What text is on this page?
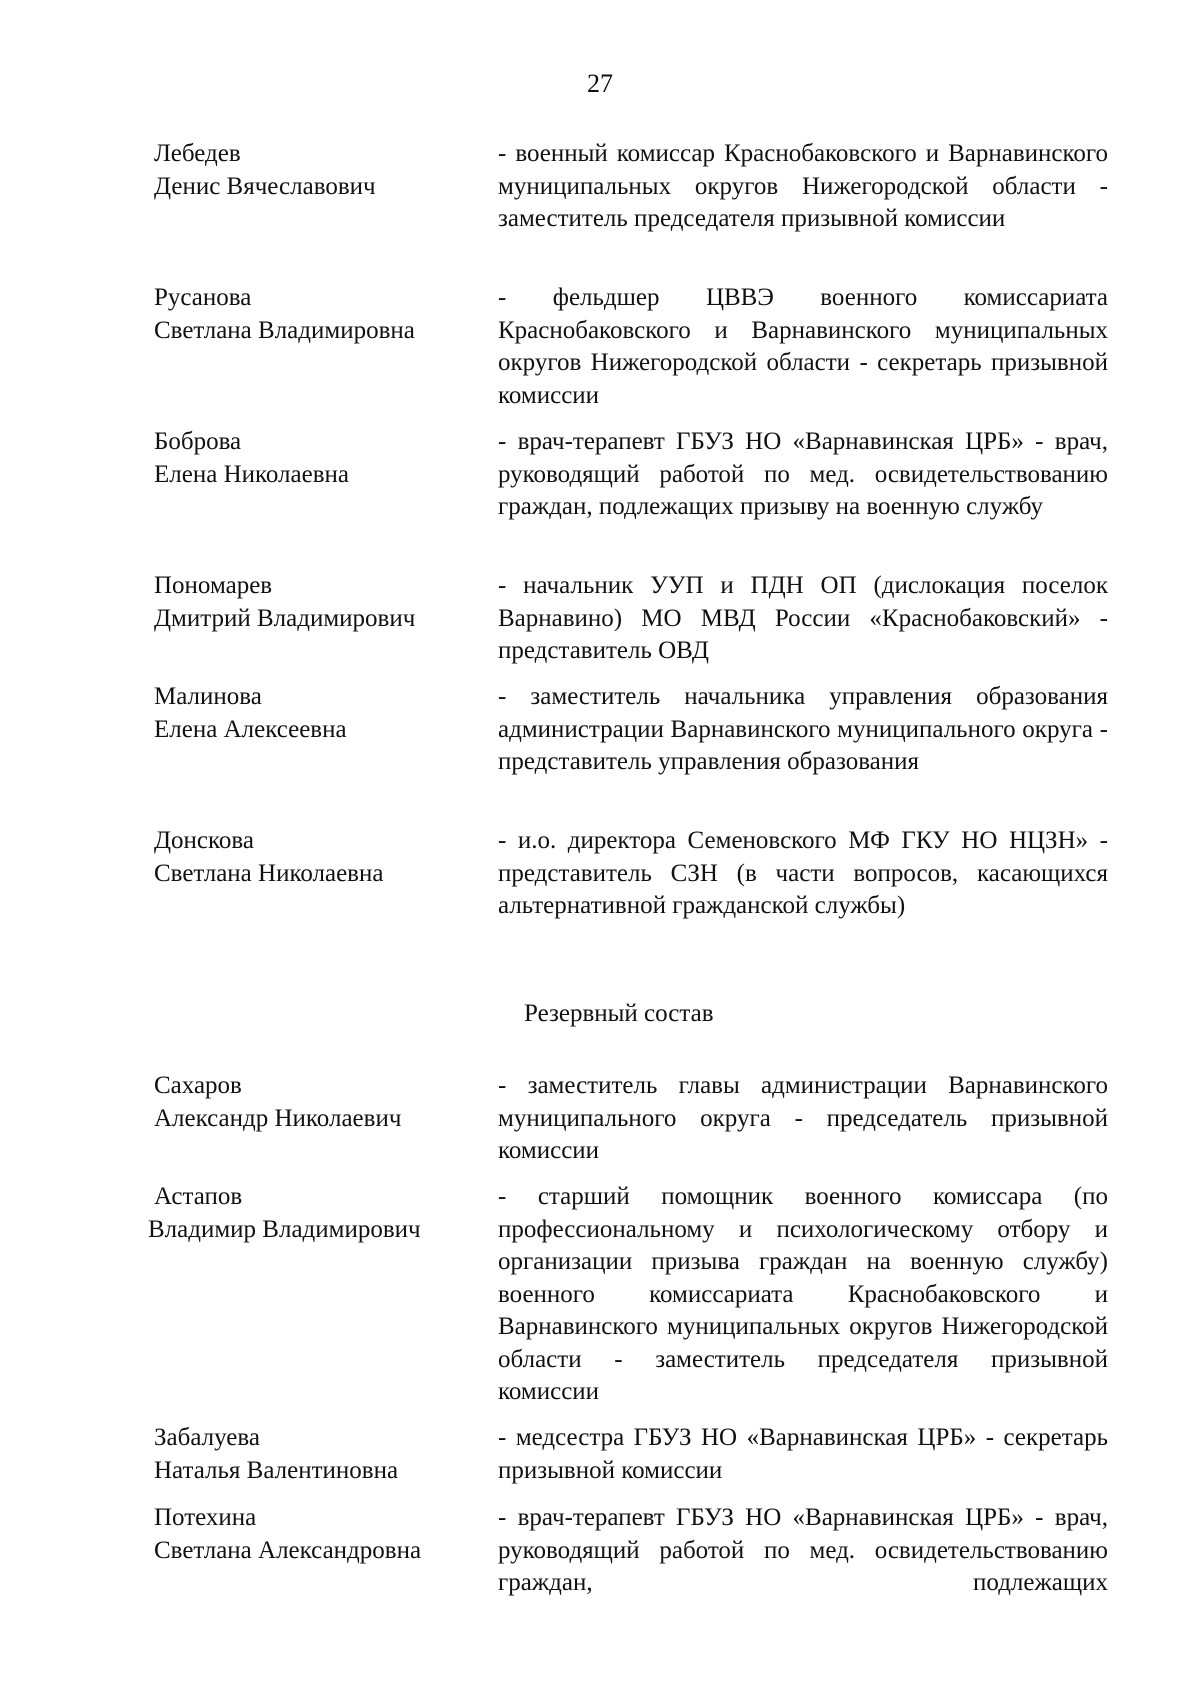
27
Лебедев
Денис Вячеславович
- военный комиссар Краснобаковского и Варнавинского муниципальных округов Нижегородской области - заместитель председателя призывной комиссии
Русанова
Светлана Владимировна
- фельдшер ЦВВЭ военного комиссариата Краснобаковского и Варнавинского муниципальных округов Нижегородской области - секретарь призывной комиссии
Боброва
Елена Николаевна
- врач-терапевт ГБУЗ НО «Варнавинская ЦРБ» - врач, руководящий работой по мед. освидетельствованию граждан, подлежащих призыву на военную службу
Пономарев
Дмитрий Владимирович
- начальник УУП и ПДН ОП (дислокация поселок Варнавино) МО МВД России «Краснобаковский» - представитель ОВД
Малинова
Елена Алексеевна
- заместитель начальника управления образования администрации Варнавинского муниципального округа - представитель управления образования
Донскова
Светлана Николаевна
- и.о. директора Семеновского МФ ГКУ НО НЦЗН» - представитель СЗН (в части вопросов, касающихся альтернативной гражданской службы)
Резервный состав
Сахаров
Александр Николаевич
- заместитель главы администрации Варнавинского муниципального округа - председатель призывной комиссии
Астапов
Владимир Владимирович
- старший помощник военного комиссара (по профессиональному и психологическому отбору и организации призыва граждан на военную службу) военного комиссариата Краснобаковского и Варнавинского муниципальных округов Нижегородской области - заместитель председателя призывной комиссии
Забалуева
Наталья Валентиновна
- медсестра ГБУЗ НО «Варнавинская ЦРБ» - секретарь призывной комиссии
Потехина
Светлана Александровна
- врач-терапевт ГБУЗ НО «Варнавинская ЦРБ» - врач, руководящий работой по мед. освидетельствованию граждан, подлежащих
